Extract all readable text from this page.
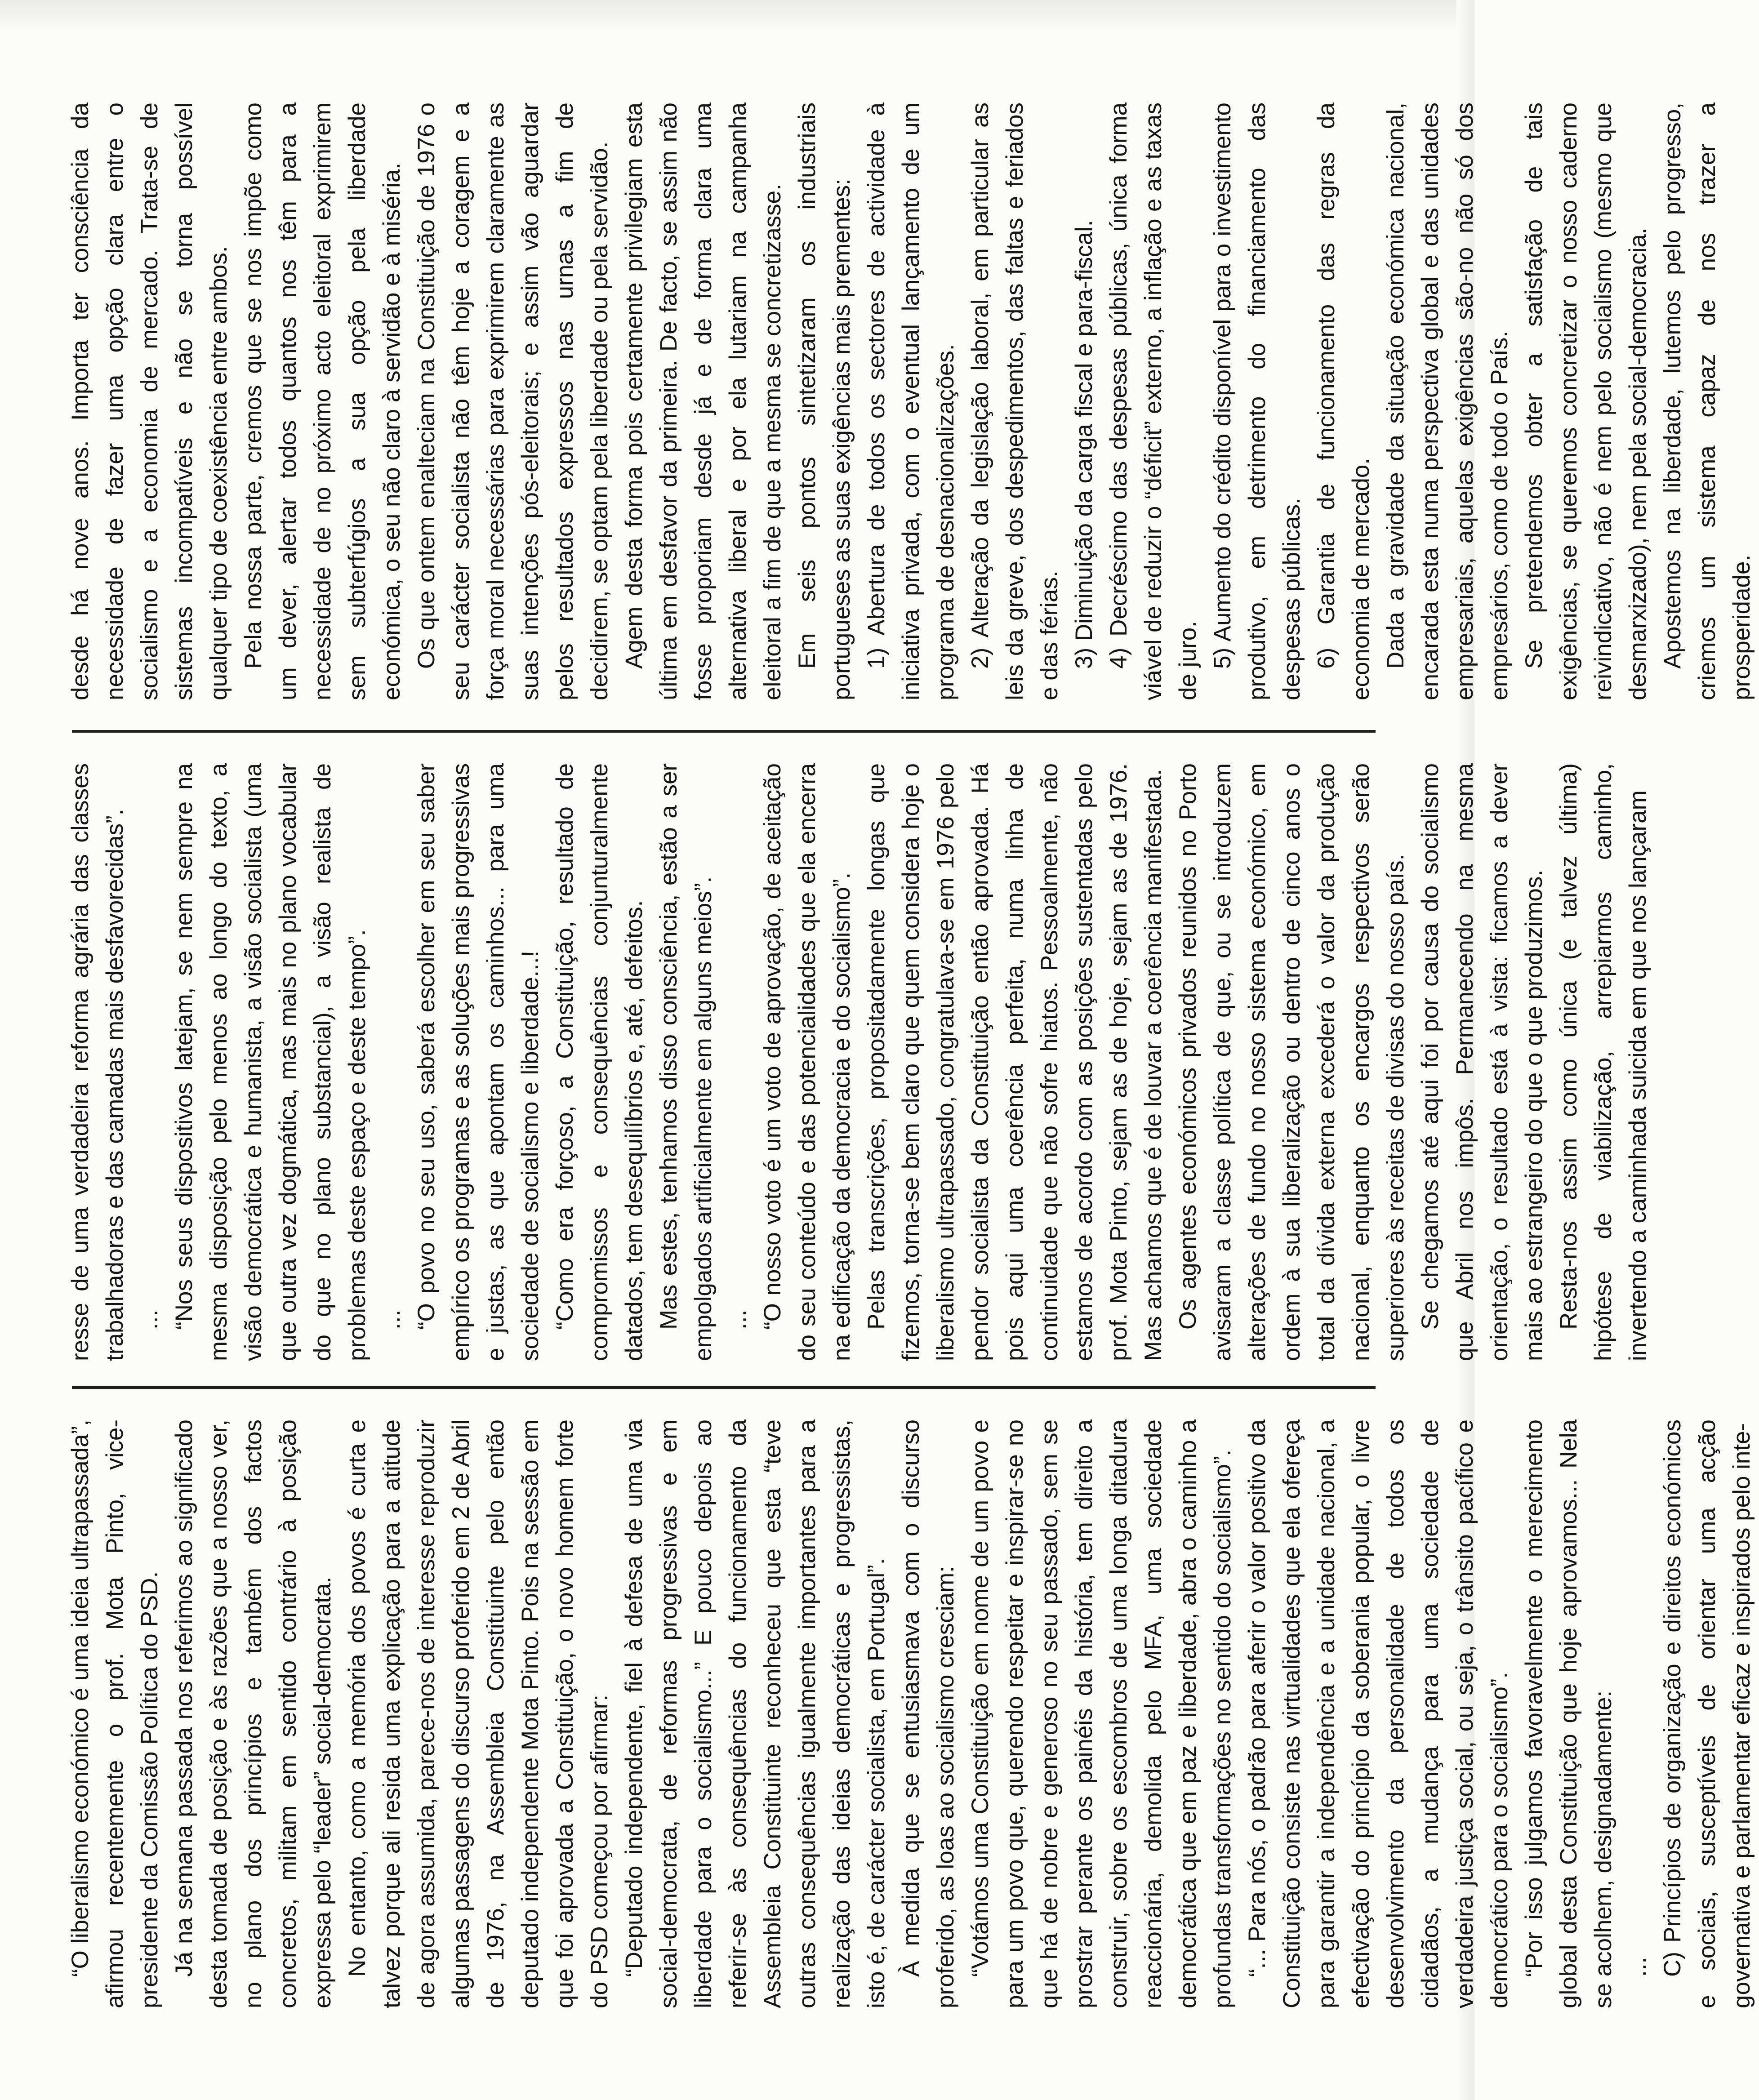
“O liberalismo económico é uma ideia ultrapassada”, afirmou recentemente o prof. Mota Pinto, vice-presidente da Comissão Política do PSD. Já na semana passada nos referimos ao significado desta tomada de posição e às razões que a nosso ver, no plano dos princípios e também dos factos concretos, militam em sentido contrário à posição expressa pelo “leader” social-democrata. No entanto, como a memória dos povos é curta e talvez porque ali resida uma explicação para a atitude de agora assumida, parece-nos de interesse reproduzir algumas passagens do discurso proferido em 2 de Abril de 1976, na Assembleia Constituinte pelo então deputado independente Mota Pinto. Pois na sessão em que foi aprovada a Constituição, o novo homem forte do PSD começou por afirmar: “Deputado independente, fiel à defesa de uma via social-democrata, de reformas progressivas e em liberdade para o socialismo...” E pouco depois ao referir-se às consequências do funcionamento da Assembleia Constituinte reconheceu que esta “teve outras consequências igualmente importantes para a realização das ideias democráticas e progressistas, isto é, de carácter socialista, em Portugal”. À medida que se entusiasmava com o discurso proferido, as loas ao socialismo cresciam: “Votámos uma Constituição em nome de um povo e para um povo que, querendo respeitar e inspirar-se no que há de nobre e generoso no seu passado, sem se prostrar perante os painéis da história, tem direito a construir, sobre os escombros de uma longa ditadura reaccionária, demolida pelo MFA, uma sociedade democrática que em paz e liberdade, abra o caminho a profundas transformações no sentido do socialismo”. “... Para nós, o padrão para aferir o valor positivo da Constituição consiste nas virtualidades que ela ofereça para garantir a independência e a unidade nacional, a efectivação do princípio da soberania popular, o livre desenvolvimento da personalidade de todos os cidadãos, a mudança para uma sociedade de verdadeira justiça social, ou seja, o trânsito pacífico e democrático para o socialismo”. “Por isso julgamos favoravelmente o merecimento global desta Constituição que hoje aprovamos... Nela se acolhem, designadamente: ... C) Princípios de organização e direitos económicos e sociais, susceptíveis de orientar uma acção governativa e parlamentar eficaz e inspirados pelo inte-

resse de uma verdadeira reforma agrária das classes trabalhadoras e das camadas mais desfavorecidas”. ... “Nos seus dispositivos latejam, se nem sempre na mesma disposição pelo menos ao longo do texto, a visão democrática e humanista, a visão socialista (uma que outra vez dogmática, mas mais no plano vocabular do que no plano substancial), a visão realista de problemas deste espaço e deste tempo”. ... “O povo no seu uso, saberá escolher em seu saber empírico os programas e as soluções mais progressivas e justas, as que apontam os caminhos... para uma sociedade de socialismo e liberdade...! “Como era forçoso, a Constituição, resultado de compromissos e consequências conjunturalmente datados, tem desequilíbrios e, até, defeitos. Mas estes, tenhamos disso consciência, estão a ser empolgados artificialmente em alguns meios”. ... “O nosso voto é um voto de aprovação, de aceitação do seu conteúdo e das potencialidades que ela encerra na edificação da democracia e do socialismo”. Pelas transcrições, propositadamente longas que fizemos, torna-se bem claro que quem considera hoje o liberalismo ultrapassado, congratulava-se em 1976 pelo pendor socialista da Constituição então aprovada. Há pois aqui uma coerência perfeita, numa linha de continuidade que não sofre hiatos. Pessoalmente, não estamos de acordo com as posições sustentadas pelo prof. Mota Pinto, sejam as de hoje, sejam as de 1976. Mas achamos que é de louvar a coerência manifestada. Os agentes económicos privados reunidos no Porto avisaram a classe política de que, ou se introduzem alterações de fundo no nosso sistema económico, em ordem à sua liberalização ou dentro de cinco anos o total da dívida externa excederá o valor da produção nacional, enquanto os encargos respectivos serão superiores às receitas de divisas do nosso país. Se chegamos até aqui foi por causa do socialismo que Abril nos impôs. Permanecendo na mesma orientação, o resultado está à vista: ficamos a dever mais ao estrangeiro do que o que produzimos. Resta-nos assim como única (e talvez última) hipótese de viabilização, arrepiarmos caminho, invertendo a caminhada suicida em que nos lançaram

desde há nove anos. Importa ter consciência da necessidade de fazer uma opção clara entre o socialismo e a economia de mercado. Trata-se de sistemas incompatíveis e não se torna possível qualquer tipo de coexistência entre ambos. Pela nossa parte, cremos que se nos impõe como um dever, alertar todos quantos nos têm para a necessidade de no próximo acto eleitoral exprimirem sem subterfúgios a sua opção pela liberdade económica, o seu não claro à servidão e à miséria. Os que ontem enalteciam na Constituição de 1976 o seu carácter socialista não têm hoje a coragem e a força moral necessárias para exprimirem claramente as suas intenções pós-eleitorais; e assim vão aguardar pelos resultados expressos nas urnas a fim de decidirem, se optam pela liberdade ou pela servidão. Agem desta forma pois certamente privilegiam esta última em desfavor da primeira. De facto, se assim não fosse proporiam desde já e de forma clara uma alternativa liberal e por ela lutariam na campanha eleitoral a fim de que a mesma se concretizasse. Em seis pontos sintetizaram os industriais portugueses as suas exigências mais prementes: 1) Abertura de todos os sectores de actividade à iniciativa privada, com o eventual lançamento de um programa de desnacionalizações. 2) Alteração da legislação laboral, em particular as leis da greve, dos despedimentos, das faltas e feriados e das férias. 3) Diminuição da carga fiscal e para-fiscal. 4) Decréscimo das despesas públicas, única forma viável de reduzir o “déficit” externo, a inflação e as taxas de juro. 5) Aumento do crédito disponível para o investimento produtivo, em detrimento do financiamento das despesas públicas. 6) Garantia de funcionamento das regras da economia de mercado. Dada a gravidade da situação económica nacional, encarada esta numa perspectiva global e das unidades empresariais, aquelas exigências são-no não só dos empresários, como de todo o País. Se pretendemos obter a satisfação de tais exigências, se queremos concretizar o nosso caderno reivindicativo, não é nem pelo socialismo (mesmo que desmarxizado), nem pela social-democracia. Apostemos na liberdade, lutemos pelo progresso, criemos um sistema capaz de nos trazer a prosperidade.
